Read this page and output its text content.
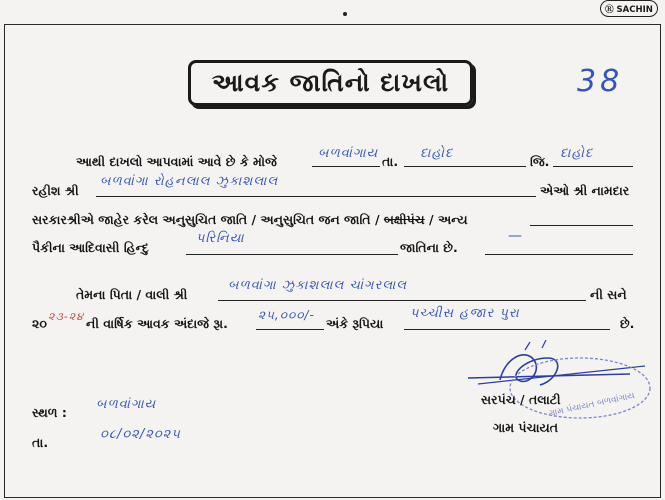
Ⓡ SACHIN
આવક જાતિનો દાખલો	38
આથી દાખલો આપવામાં આવે છે કે મોજે
બળવાંગાય
તા.
દાહોદ
જિ.
દાહોદ
રહીશ શ્રી
બળવાંગા રોહનલાલ ઝુકાશલાલ
એઓ શ્રી નામદાર
સરકારશ્રીએ જાહેર કરેલ અનુસુચિત જાતિ / અનુસુચિત જન જાતિ / બક્ષીપંચ / અન્ય
પૈકીના આદિવાસી હિન્દુ
પરિનિયા
જાતિના છે.
—
તેમના પિતા / વાલી શ્રી
બળવાંગા ઝુકાશલાલ ચાંગરલાલ
ની સને
૨૦ ૨૩-૨૪ ની વાર્ષિક આવક અંદાજે રૂા.
૨૫,૦૦૦/-
અંકે રૂપિયા
પચ્ચીસ હજાર પુરા
છે.
સ્થળ :
બળવાંગાય
તા.
૦૮/૦૨/૨૦૨૫
ગ્રામ પંચાયત બળવાંગાય
સરપંચ / તલાટી
ગામ પંચાયત
